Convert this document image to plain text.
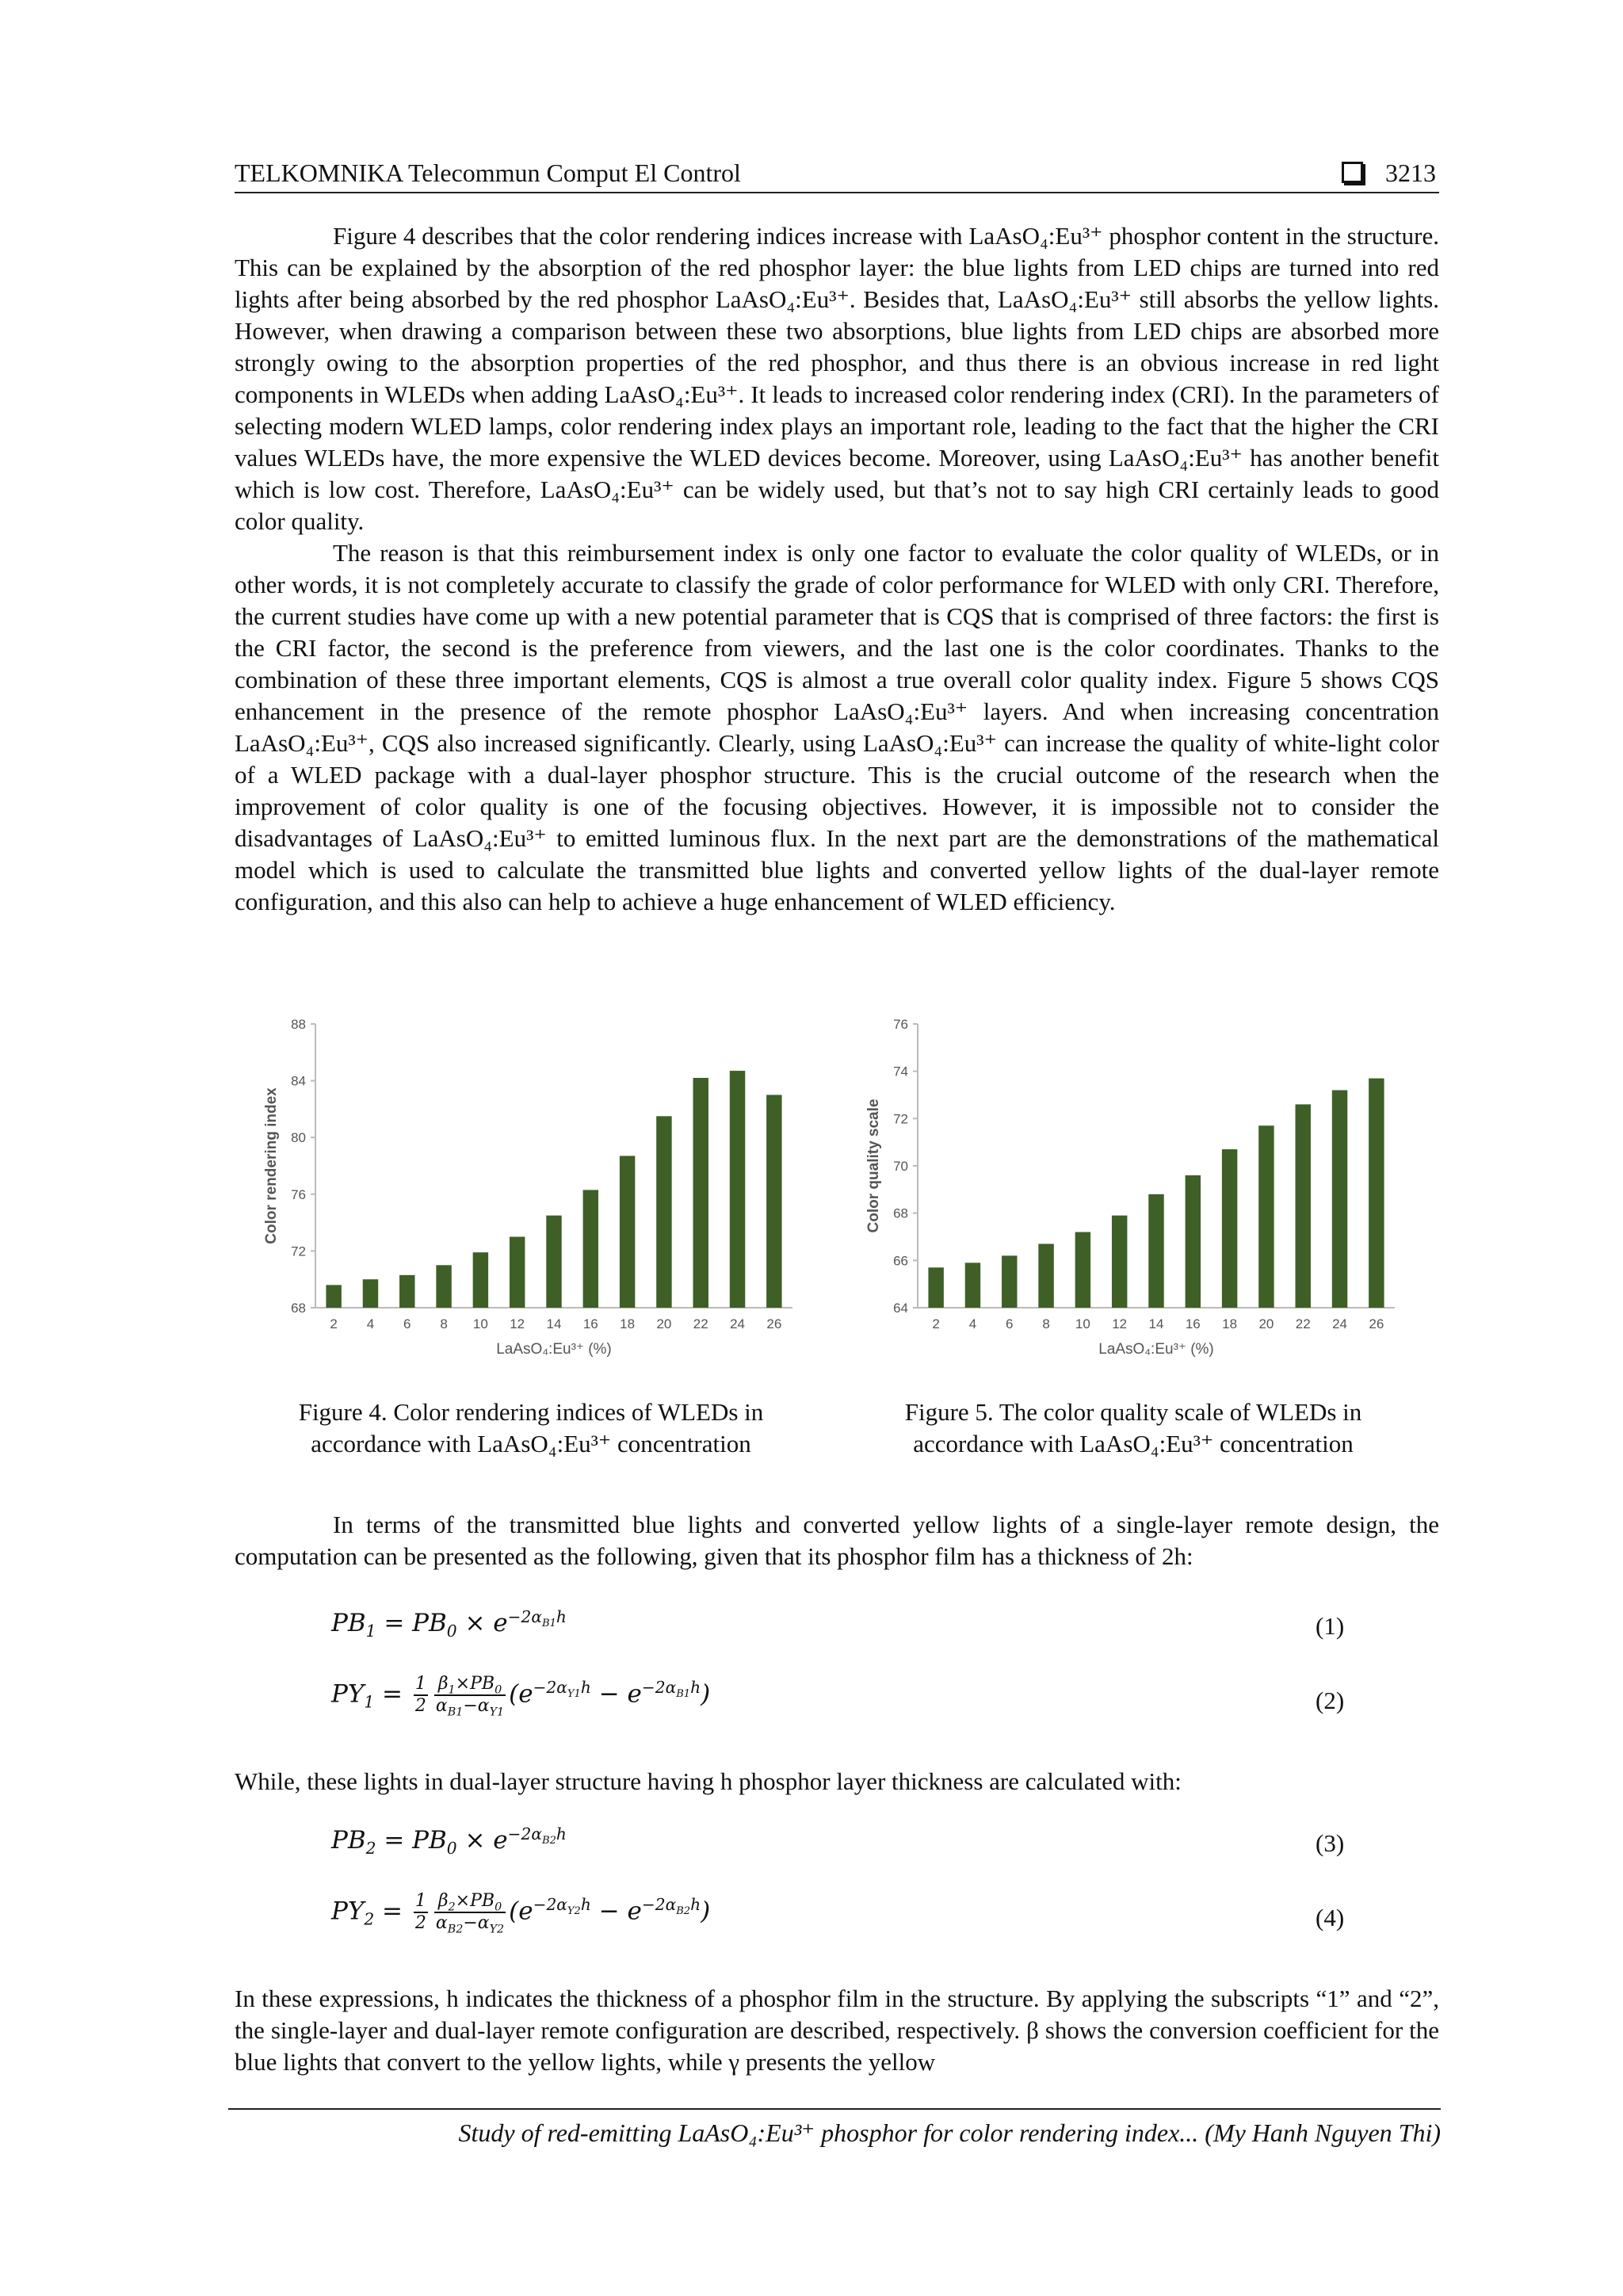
TELKOMNIKA Telecommun Comput El Control	3213

Figure 4 describes that the color rendering indices increase with LaAsO₄:Eu³⁺ phosphor content in the structure. This can be explained by the absorption of the red phosphor layer: the blue lights from LED chips are turned into red lights after being absorbed by the red phosphor LaAsO₄:Eu³⁺. Besides that, LaAsO₄:Eu³⁺ still absorbs the yellow lights. However, when drawing a comparison between these two absorptions, blue lights from LED chips are absorbed more strongly owing to the absorption properties of the red phosphor, and thus there is an obvious increase in red light components in WLEDs when adding LaAsO₄:Eu³⁺. It leads to increased color rendering index (CRI). In the parameters of selecting modern WLED lamps, color rendering index plays an important role, leading to the fact that the higher the CRI values WLEDs have, the more expensive the WLED devices become. Moreover, using LaAsO₄:Eu³⁺ has another benefit which is low cost. Therefore, LaAsO₄:Eu³⁺ can be widely used, but that’s not to say high CRI certainly leads to good color quality.

The reason is that this reimbursement index is only one factor to evaluate the color quality of WLEDs, or in other words, it is not completely accurate to classify the grade of color performance for WLED with only CRI. Therefore, the current studies have come up with a new potential parameter that is CQS that is comprised of three factors: the first is the CRI factor, the second is the preference from viewers, and the last one is the color coordinates. Thanks to the combination of these three important elements, CQS is almost a true overall color quality index. Figure 5 shows CQS enhancement in the presence of the remote phosphor LaAsO₄:Eu³⁺ layers. And when increasing concentration LaAsO₄:Eu³⁺, CQS also increased significantly. Clearly, using LaAsO₄:Eu³⁺ can increase the quality of white-light color of a WLED package with a dual-layer phosphor structure. This is the crucial outcome of the research when the improvement of color quality is one of the focusing objectives. However, it is impossible not to consider the disadvantages of LaAsO₄:Eu³⁺ to emitted luminous flux. In the next part are the demonstrations of the mathematical model which is used to calculate the transmitted blue lights and converted yellow lights of the dual-layer remote configuration, and this also can help to achieve a huge enhancement of WLED efficiency.

68
72
76
80
84
88
2 4 6 8 10 12 14 16 18 20 22 24 26
LaAsO₄:Eu³⁺ (%)
Color rendering index
64
66
68
70
72
74
76
2 4 6 8 10 12 14 16 18 20 22 24 26
LaAsO₄:Eu³⁺ (%)
Color quality scale

Figure 4. Color rendering indices of WLEDs in accordance with LaAsO₄:Eu³⁺ concentration

Figure 5. The color quality scale of WLEDs in accordance with LaAsO₄:Eu³⁺ concentration

In terms of the transmitted blue lights and converted yellow lights of a single-layer remote design, the computation can be presented as the following, given that its phosphor film has a thickness of 2h:

$PB_1 = PB_0 \times e^{-2\alpha_{B1}h}$	(1)
$PY_1 = \frac{1}{2} \frac{\beta_1\times PB_0}{\alpha_{B1}-\alpha_{Y1}} (e^{-2\alpha_{Y1}h} - e^{-2\alpha_{B1}h})$	(2)

While, these lights in dual-layer structure having h phosphor layer thickness are calculated with:

$PB_2 = PB_0 \times e^{-2\alpha_{B2}h}$	(3)
$PY_2 = \frac{1}{2} \frac{\beta_2\times PB_0}{\alpha_{B2}-\alpha_{Y2}} (e^{-2\alpha_{Y2}h} - e^{-2\alpha_{B2}h})$	(4)

In these expressions, h indicates the thickness of a phosphor film in the structure. By applying the subscripts “1” and “2”, the single-layer and dual-layer remote configuration are described, respectively. β shows the conversion coefficient for the blue lights that convert to the yellow lights, while γ presents the yellow

Study of red-emitting LaAsO₄:Eu³⁺ phosphor for color rendering index... (My Hanh Nguyen Thi)
